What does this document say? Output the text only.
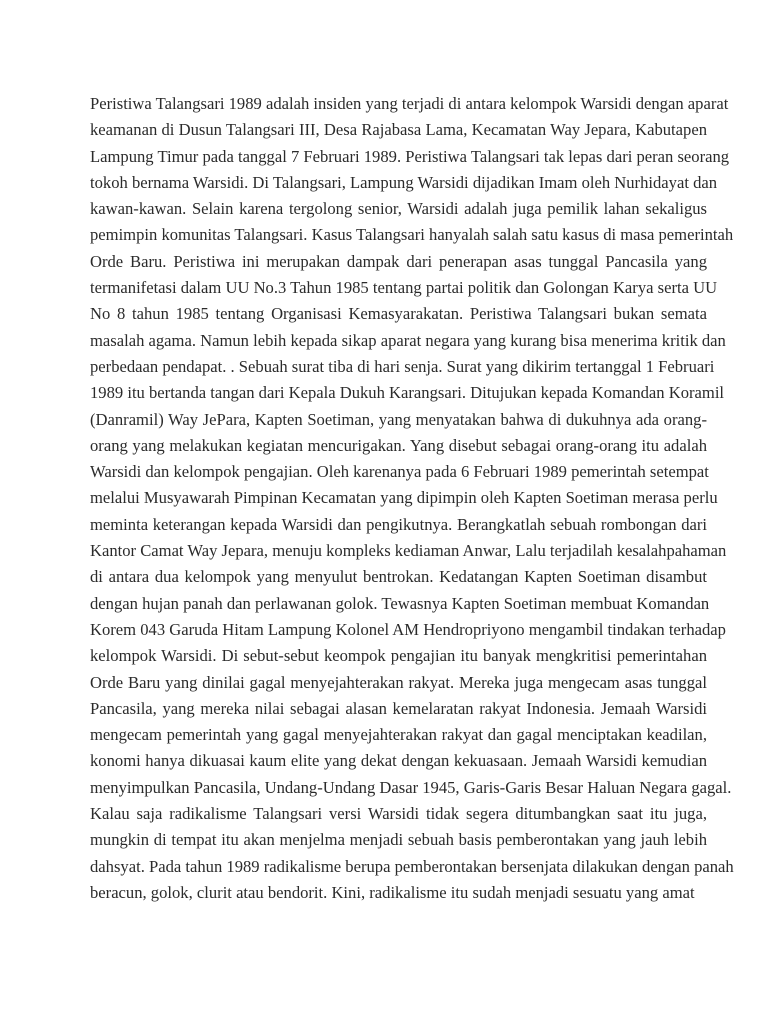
Peristiwa Talangsari 1989 adalah insiden yang terjadi di antara kelompok Warsidi dengan aparat
keamanan di Dusun Talangsari III, Desa Rajabasa Lama, Kecamatan Way Jepara, Kabutapen
Lampung Timur pada tanggal 7 Februari 1989. Peristiwa Talangsari tak lepas dari peran seorang
tokoh bernama Warsidi. Di Talangsari, Lampung Warsidi dijadikan Imam oleh Nurhidayat dan
kawan-kawan. Selain karena tergolong senior, Warsidi adalah juga pemilik lahan sekaligus
pemimpin komunitas Talangsari. Kasus Talangsari hanyalah salah satu kasus di masa pemerintah
Orde Baru. Peristiwa ini merupakan dampak dari penerapan asas tunggal Pancasila yang
termanifetasi dalam UU No.3 Tahun 1985 tentang partai politik dan Golongan Karya serta UU
No 8 tahun 1985 tentang Organisasi Kemasyarakatan. Peristiwa Talangsari bukan semata
masalah agama. Namun lebih kepada sikap aparat negara yang kurang bisa menerima kritik dan
perbedaan pendapat. . Sebuah surat tiba di hari senja. Surat yang dikirim tertanggal 1 Februari
1989 itu bertanda tangan dari Kepala Dukuh Karangsari. Ditujukan kepada Komandan Koramil
(Danramil) Way JePara, Kapten Soetiman, yang menyatakan bahwa di dukuhnya ada orang-
orang yang melakukan kegiatan mencurigakan. Yang disebut sebagai orang-orang itu adalah
Warsidi dan kelompok pengajian. Oleh karenanya pada 6 Februari 1989 pemerintah setempat
melalui Musyawarah Pimpinan Kecamatan yang dipimpin oleh Kapten Soetiman merasa perlu
meminta keterangan kepada Warsidi dan pengikutnya. Berangkatlah sebuah rombongan dari
Kantor Camat Way Jepara, menuju kompleks kediaman Anwar, Lalu terjadilah kesalahpahaman
di antara dua kelompok yang menyulut bentrokan. Kedatangan Kapten Soetiman disambut
dengan hujan panah dan perlawanan golok. Tewasnya Kapten Soetiman membuat Komandan
Korem 043 Garuda Hitam Lampung Kolonel AM Hendropriyono mengambil tindakan terhadap
kelompok Warsidi. Di sebut-sebut keompok pengajian itu banyak mengkritisi pemerintahan
Orde Baru yang dinilai gagal menyejahterakan rakyat. Mereka juga mengecam asas tunggal
Pancasila, yang mereka nilai sebagai alasan kemelaratan rakyat Indonesia. Jemaah Warsidi
mengecam pemerintah yang gagal menyejahterakan rakyat dan gagal menciptakan keadilan,
konomi hanya dikuasai kaum elite yang dekat dengan kekuasaan. Jemaah Warsidi kemudian
menyimpulkan Pancasila, Undang-Undang Dasar 1945, Garis-Garis Besar Haluan Negara gagal.
Kalau saja radikalisme Talangsari versi Warsidi tidak segera ditumbangkan saat itu juga,
mungkin di tempat itu akan menjelma menjadi sebuah basis pemberontakan yang jauh lebih
dahsyat. Pada tahun 1989 radikalisme berupa pemberontakan bersenjata dilakukan dengan panah
beracun, golok, clurit atau bendorit. Kini, radikalisme itu sudah menjadi sesuatu yang amat
